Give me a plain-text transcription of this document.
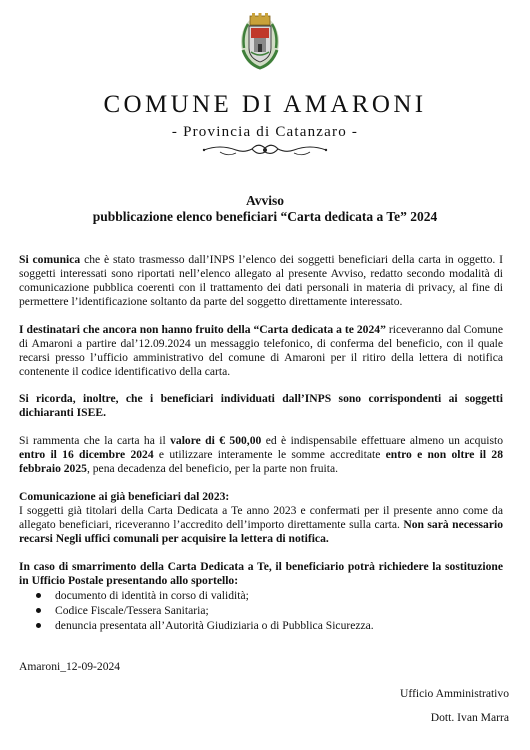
COMUNE DI AMARONI
- Provincia di Catanzaro -
Avviso
pubblicazione elenco beneficiari “Carta dedicata a Te” 2024

Si comunica che è stato trasmesso dall’INPS l’elenco dei soggetti beneficiari della carta in oggetto. I soggetti interessati sono riportati nell’elenco allegato al presente Avviso, redatto secondo modalità di comunicazione pubblica coerenti con il trattamento dei dati personali in materia di privacy, al fine di permettere l’identificazione soltanto da parte del soggetto direttamente interessato.

I destinatari che ancora non hanno fruito della “Carta dedicata a te 2024” riceveranno dal Comune di Amaroni a partire dal’12.09.2024 un messaggio telefonico, di conferma del beneficio, con il quale recarsi presso l’ufficio amministrativo del comune di Amaroni per il ritiro della lettera di notifica contenente il codice identificativo della carta.

Si ricorda, inoltre, che i beneficiari individuati dall’INPS sono corrispondenti ai soggetti dichiaranti ISEE.

Si rammenta che la carta ha il valore di € 500,00 ed è indispensabile effettuare almeno un acquisto entro il 16 dicembre 2024 e utilizzare interamente le somme accreditate entro e non oltre il 28 febbraio 2025, pena decadenza del beneficio, per la parte non fruita.

Comunicazione ai già beneficiari dal 2023:
I soggetti già titolari della Carta Dedicata a Te anno 2023 e confermati per il presente anno come da allegato beneficiari, riceveranno l’accredito dell’importo direttamente sulla carta. Non sarà necessario recarsi Negli uffici comunali per acquisire la lettera di notifica.

In caso di smarrimento della Carta Dedicata a Te, il beneficiario potrà richiedere la sostituzione in Ufficio Postale presentando allo sportello:

documento di identità in corso di validità;
Codice Fiscale/Tessera Sanitaria;
denuncia presentata all’Autorità Giudiziaria o di Pubblica Sicurezza.
Amaroni_12-09-2024
Ufficio Amministrativo
Dott. Ivan Marra
